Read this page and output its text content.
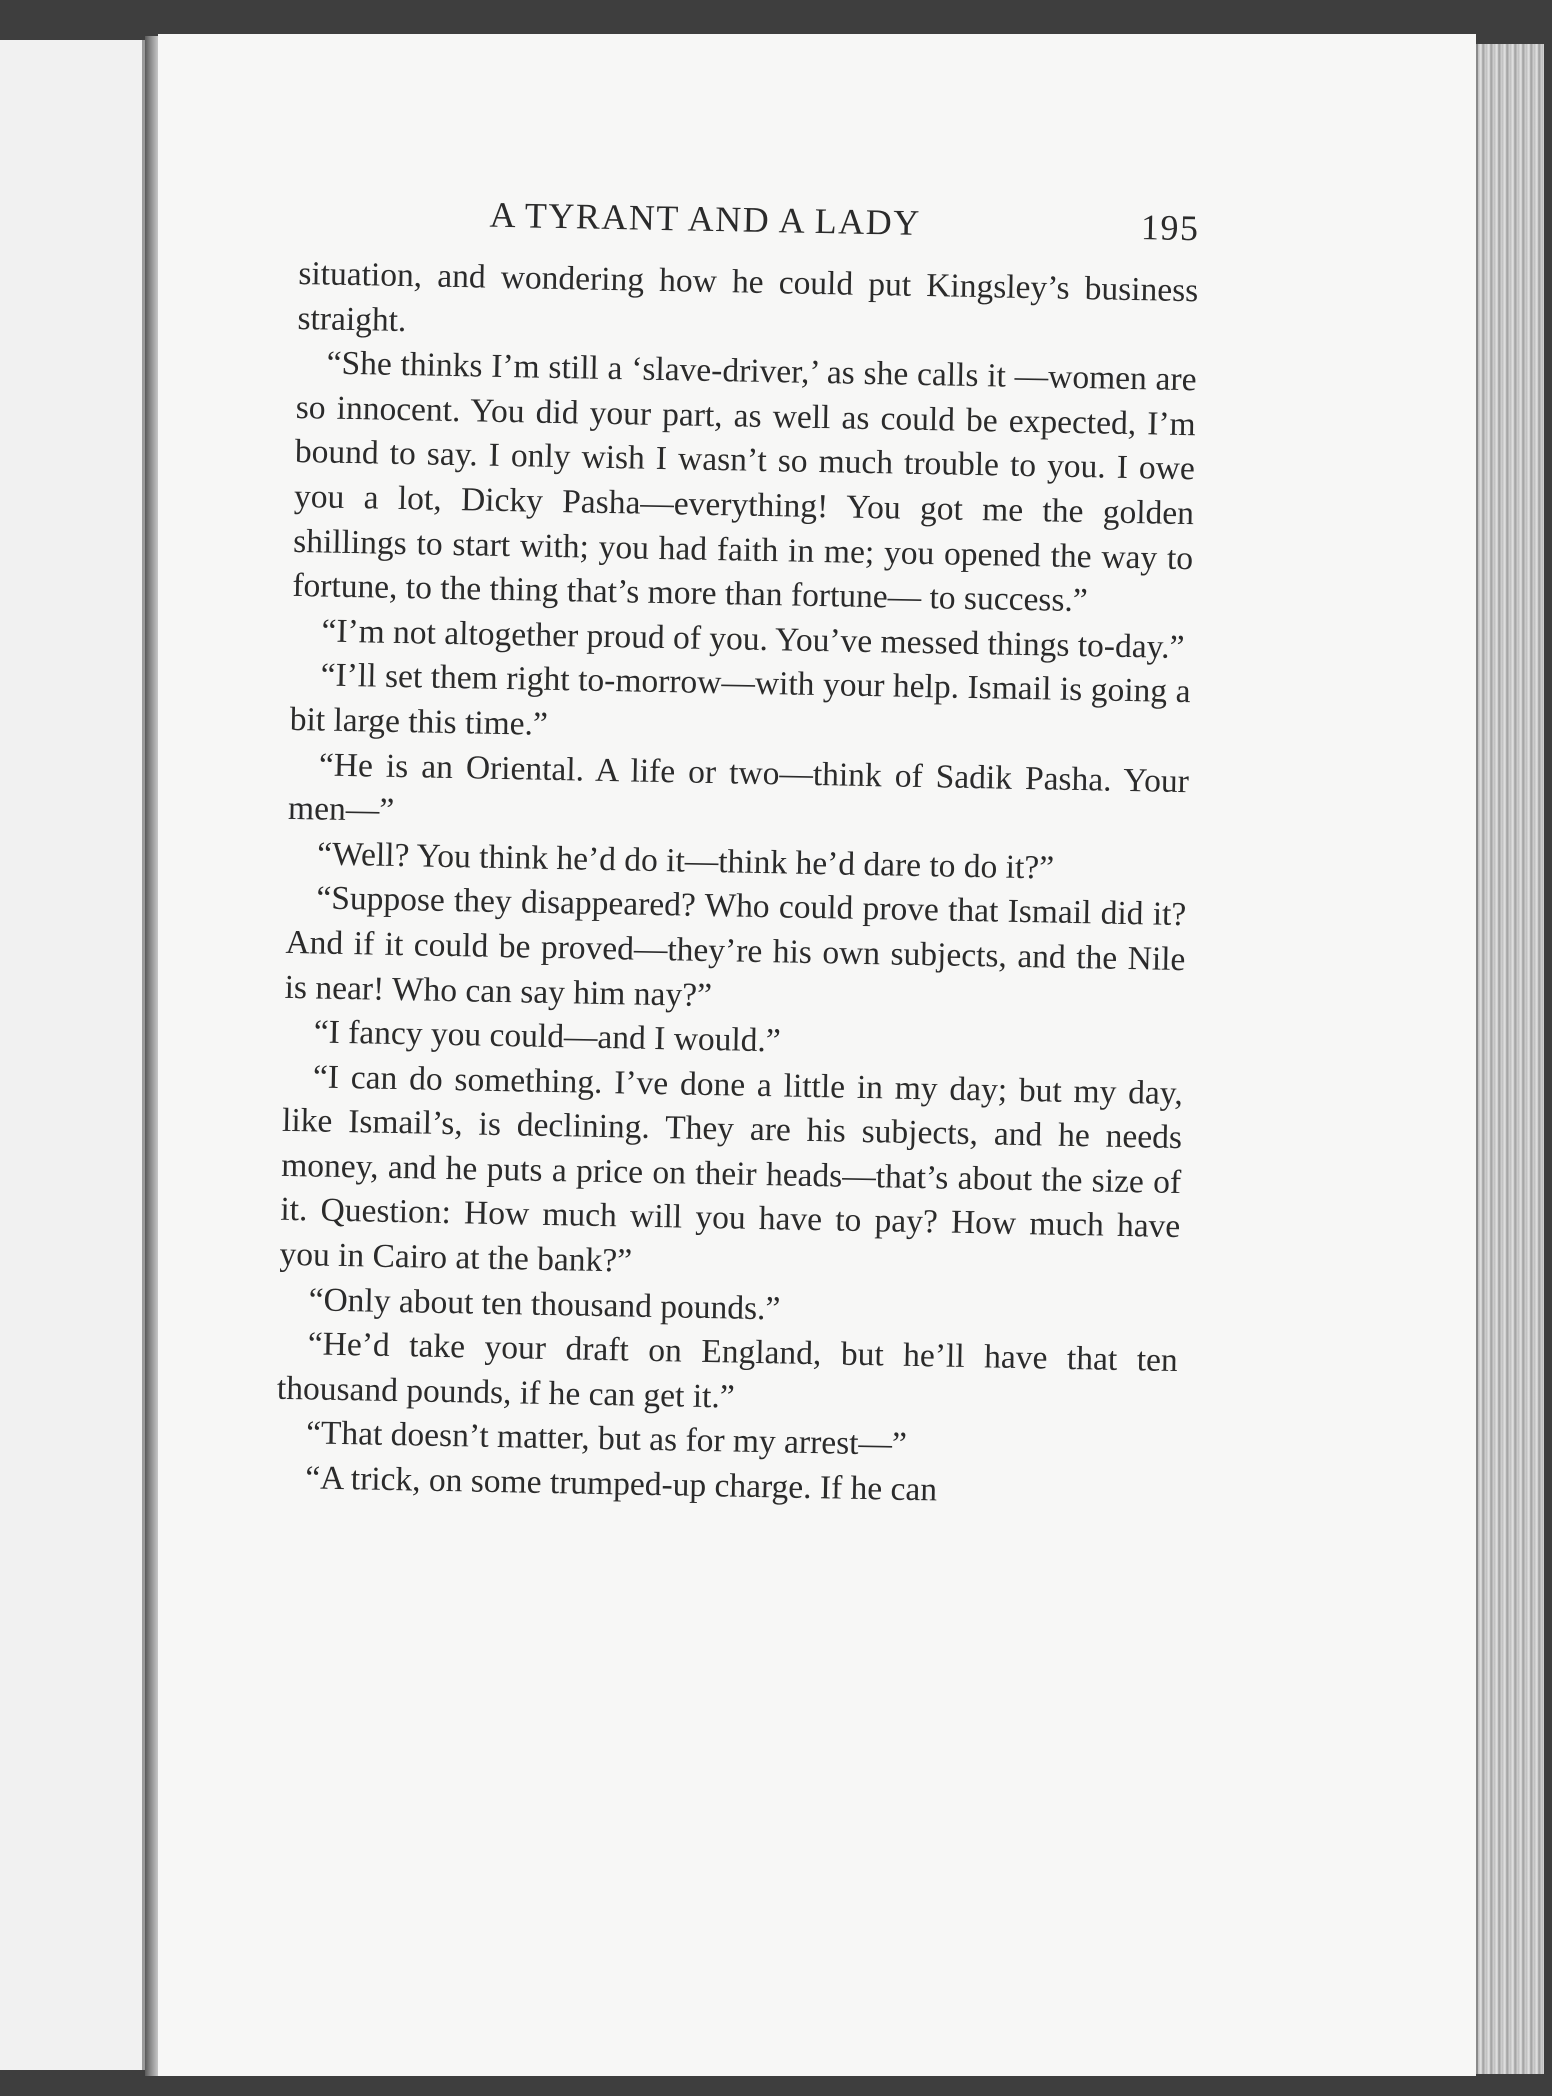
A TYRANT AND A LADY	195

situation, and wondering how he could put Kingsley’s business straight.

“She thinks I’m still a ‘slave-driver,’ as she calls it —women are so innocent. You did your part, as well as could be expected, I’m bound to say. I only wish I wasn’t so much trouble to you. I owe you a lot, Dicky Pasha—everything! You got me the golden shillings to start with; you had faith in me; you opened the way to fortune, to the thing that’s more than fortune— to success.”

“I’m not altogether proud of you. You’ve messed things to-day.”

“I’ll set them right to-morrow—with your help. Ismail is going a bit large this time.”

“He is an Oriental. A life or two—think of Sadik Pasha. Your men—”

“Well? You think he’d do it—think he’d dare to do it?”

“Suppose they disappeared? Who could prove that Ismail did it? And if it could be proved—they’re his own subjects, and the Nile is near! Who can say him nay?”

“I fancy you could—and I would.”

“I can do something. I’ve done a little in my day; but my day, like Ismail’s, is declining. They are his subjects, and he needs money, and he puts a price on their heads—that’s about the size of it. Question: How much will you have to pay? How much have you in Cairo at the bank?”

“Only about ten thousand pounds.”

“He’d take your draft on England, but he’ll have that ten thousand pounds, if he can get it.”

“That doesn’t matter, but as for my arrest—”

“A trick, on some trumped-up charge. If he can
